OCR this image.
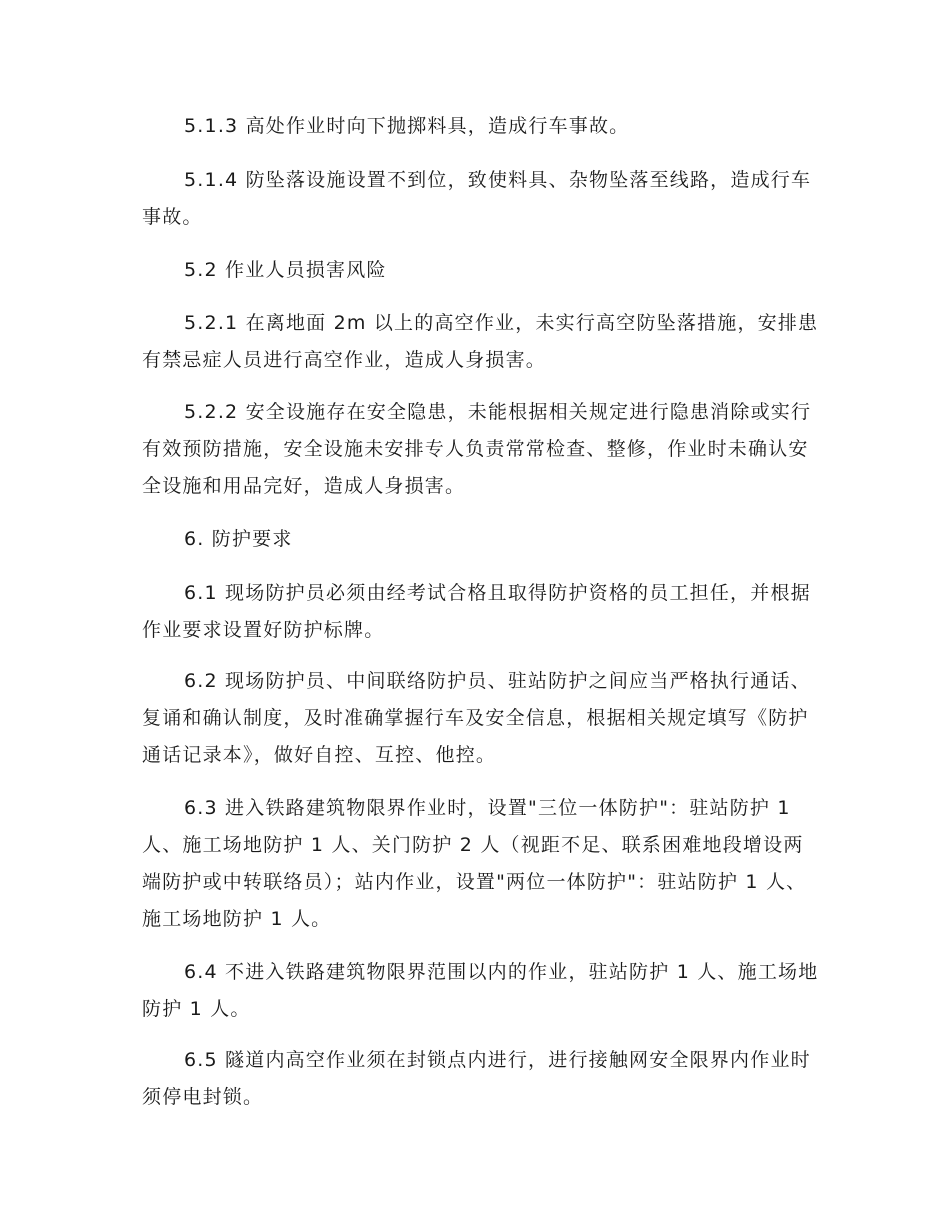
5.1.3 高处作业时向下抛掷料具，造成行车事故。

5.1.4 防坠落设施设置不到位，致使料具、杂物坠落至线路，造成行车事故。

5.2 作业人员损害风险

5.2.1 在离地面 2m 以上的高空作业，未实行高空防坠落措施，安排患有禁忌症人员进行高空作业，造成人身损害。

5.2.2 安全设施存在安全隐患，未能根据相关规定进行隐患消除或实行有效预防措施，安全设施未安排专人负责常常检查、整修，作业时未确认安全设施和用品完好，造成人身损害。

6. 防护要求

6.1 现场防护员必须由经考试合格且取得防护资格的员工担任，并根据作业要求设置好防护标牌。

6.2 现场防护员、中间联络防护员、驻站防护之间应当严格执行通话、复诵和确认制度，及时准确掌握行车及安全信息，根据相关规定填写《防护通话记录本》，做好自控、互控、他控。

6.3 进入铁路建筑物限界作业时，设置"三位一体防护"：驻站防护 1 人、施工场地防护 1 人、关门防护 2 人（视距不足、联系困难地段增设两端防护或中转联络员）；站内作业，设置"两位一体防护"：驻站防护 1 人、施工场地防护 1 人。

6.4 不进入铁路建筑物限界范围以内的作业，驻站防护 1 人、施工场地防护 1 人。

6.5 隧道内高空作业须在封锁点内进行，进行接触网安全限界内作业时须停电封锁。
